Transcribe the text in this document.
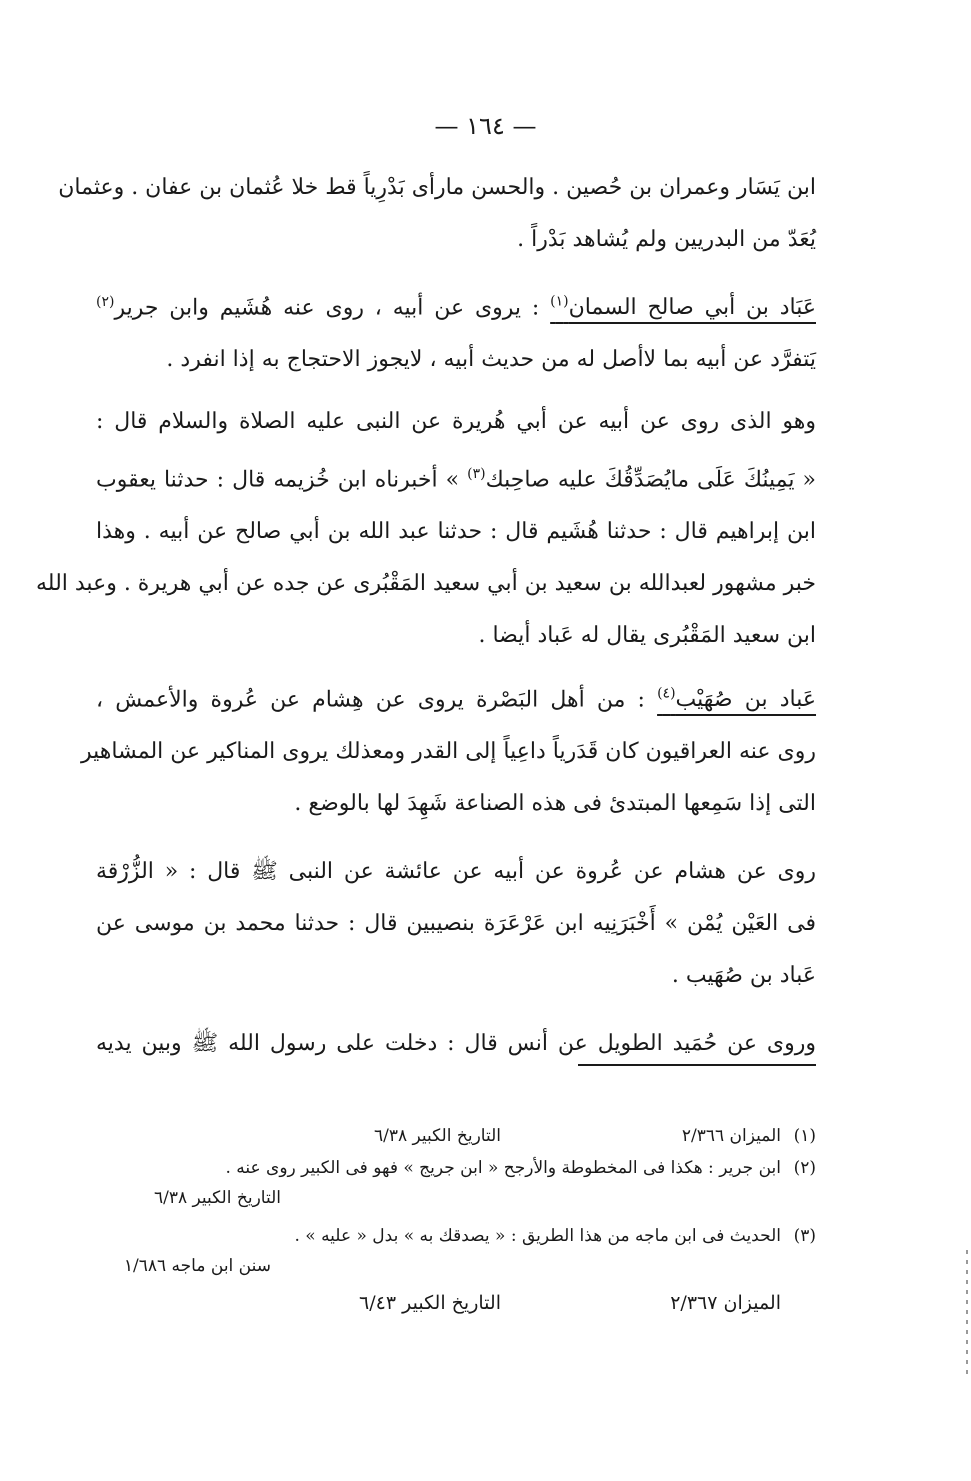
— ١٦٤ —
ابن يَسَار وعمران بن حُصين . والحسن مارأى بَدْرِياً قط خلا عُثمان بن عفان . وعثمان
يُعَدّ من البدريين ولم يُشاهد بَدْراً .
عَبَاد بن أبي صالح السمان$^{(١)}$ : يروى عن أبيه ، روى عنه هُشَيم وابن جرير$^{(٢)}$
يَتفرَّد عن أبيه بما لاأصل له من حديث أبيه ، لايجوز الاحتجاج به إذا انفرد .
وهو الذى روى عن أبيه عن أبي هُريرة عن النبى عليه الصلاة والسلام قال :
« يَمِينُكَ عَلَى مايُصَدِّقُكَ عليه صاحِبك$^{(٣)}$ » أخبرناه ابن خُزيمه قال : حدثنا يعقوب
ابن إبراهيم قال : حدثنا هُشَيم قال : حدثنا عبد الله بن أبي صالح عن أبيه . وهذا
خبر مشهور لعبدالله بن سعيد بن أبي سعيد المَقْبُرى عن جده عن أبي هريرة . وعبد الله
ابن سعيد المَقْبُرى يقال له عَباد أيضا .
عَباد بن صُهَيْب$^{(٤)}$ : من أهل البَصْرة يروى عن هِشام عن عُروة والأعمش ،
روى عنه العراقيون كان قَدَرياً داعِياً إلى القدر ومعذلك يروى المناكير عن المشاهير
التى إذا سَمِعها المبتدئ فى هذه الصناعة شَهِدَ لها بالوضع .
روى عن هشام عن عُروة عن أبيه عن عائشة عن النبى ﷺ قال : « الزُّرْقة
فى العَيْن يُمْن » أَخْبَرَنِيه ابن عَرْعَرَة بنصيبين قال : حدثنا محمد بن موسى عن
عَباد بن صُهَيب .
وروى عن حُمَيد الطويل عن أنس قال : دخلت على رسول الله ﷺ وبين يديه
(١)
الميزان ٢/٣٦٦
التاريخ الكبير ٦/٣٨
(٢)
ابن جرير : هكذا فى المخطوطة والأرجح « ابن جريج » فهو فى الكبير روى عنه .
التاريخ الكبير ٦/٣٨
(٣)
الحديث فى ابن ماجه من هذا الطريق : « يصدقك به » بدل « عليه » .
سنن ابن ماجه ١/٦٨٦
الميزان ٢/٣٦٧
التاريخ الكبير ٦/٤٣
